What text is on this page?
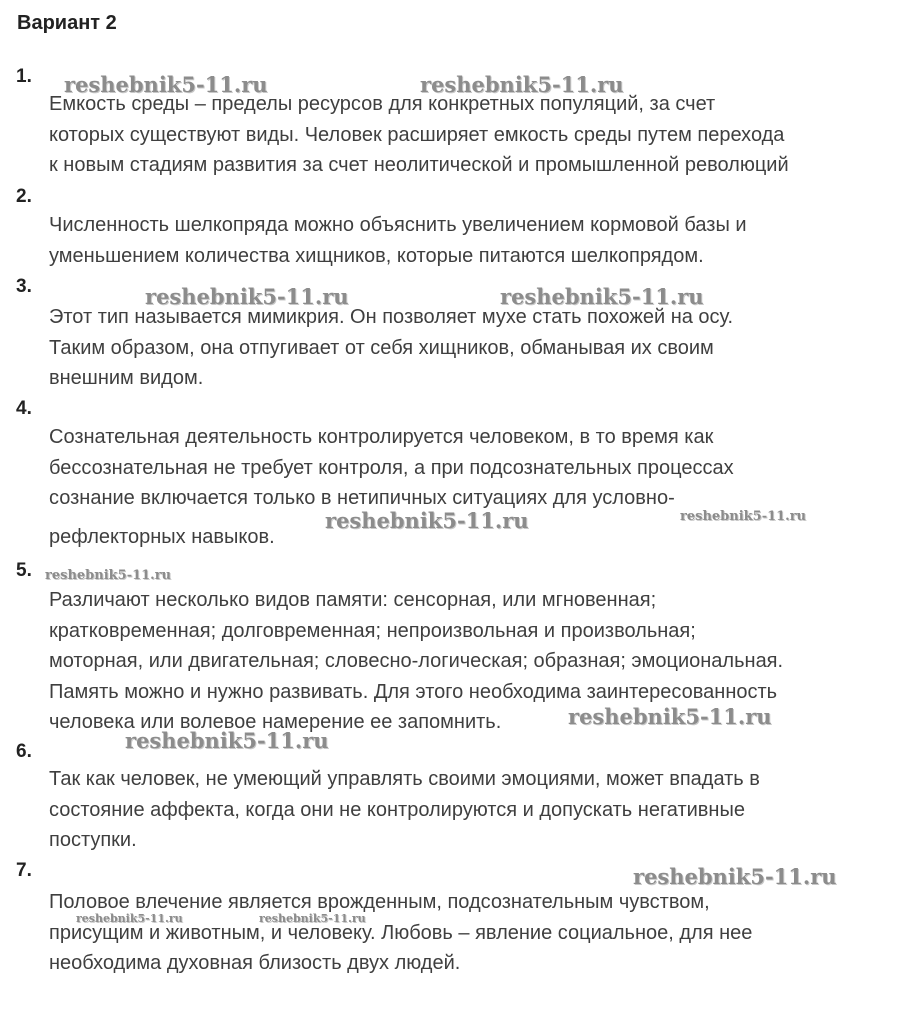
Вариант 2
1.
Емкость среды – пределы ресурсов для конкретных популяций, за счет
которых существуют виды. Человек расширяет емкость среды путем перехода
к новым стадиям развития за счет неолитической и промышленной революций
2.
Численность шелкопряда можно объяснить увеличением кормовой базы и
уменьшением количества хищников, которые питаются шелкопрядом.
3.
Этот тип называется мимикрия. Он позволяет мухе стать похожей на осу.
Таким образом, она отпугивает от себя хищников, обманывая их своим
внешним видом.
4.
Сознательная деятельность контролируется человеком, в то время как
бессознательная не требует контроля, а при подсознательных процессах
сознание включается только в нетипичных ситуациях для условно-
рефлекторных навыков.
5.
Различают несколько видов памяти: сенсорная, или мгновенная;
кратковременная; долговременная; непроизвольная и произвольная;
моторная, или двигательная; словесно-логическая; образная; эмоциональная.
Память можно и нужно развивать. Для этого необходима заинтересованность
человека или волевое намерение ее запомнить.
6.
Так как человек, не умеющий управлять своими эмоциями, может впадать в
состояние аффекта, когда они не контролируются и допускать негативные
поступки.
7.
Половое влечение является врожденным, подсознательным чувством,
присущим и животным, и человеку. Любовь – явление социальное, для нее
необходима духовная близость двух людей.
reshebnik5-11.ru	reshebnik5-11.ru
reshebnik5-11.ru	reshebnik5-11.ru
reshebnik5-11.ru	reshebnik5-11.ru
reshebnik5-11.ru
reshebnik5-11.ru
reshebnik5-11.ru
reshebnik5-11.ru
reshebnik5-11.ru	reshebnik5-11.ru
